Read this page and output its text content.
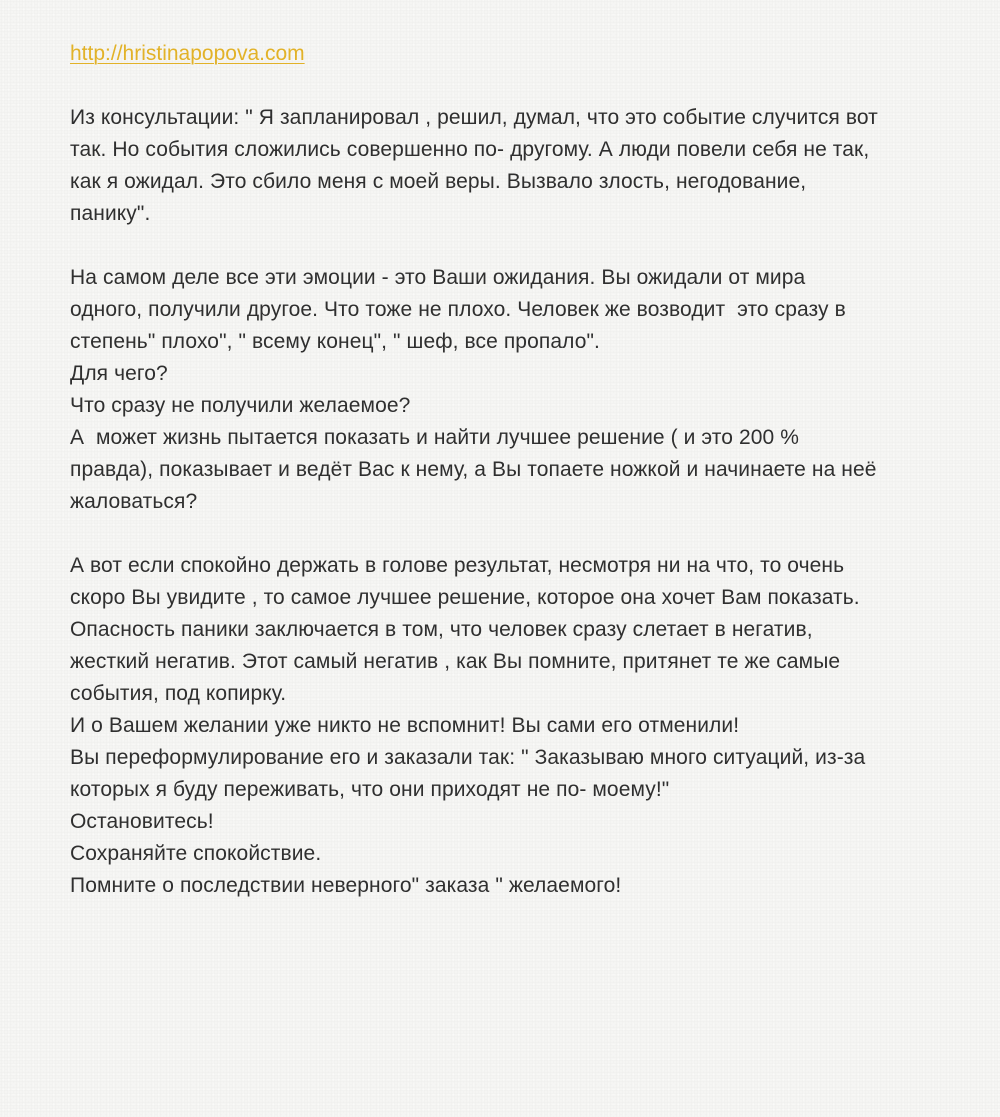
http://hristinapopova.com
Из консультации: " Я запланировал , решил, думал, что это событие случится вот
так. Но события сложились совершенно по- другому. А люди повели себя не так,
как я ожидал. Это сбило меня с моей веры. Вызвало злость, негодование,
панику".
На самом деле все эти эмоции - это Ваши ожидания. Вы ожидали от мира
одного, получили другое. Что тоже не плохо. Человек же возводит  это сразу в
степень" плохо", " всему конец", " шеф, все пропало".
Для чего?
Что сразу не получили желаемое?
А  может жизнь пытается показать и найти лучшее решение ( и это 200 %
правда), показывает и ведёт Вас к нему, а Вы топаете ножкой и начинаете на неё
жаловаться?
А вот если спокойно держать в голове результат, несмотря ни на что, то очень
скоро Вы увидите , то самое лучшее решение, которое она хочет Вам показать.
Опасность паники заключается в том, что человек сразу слетает в негатив,
жесткий негатив. Этот самый негатив , как Вы помните, притянет те же самые
события, под копирку.
И о Вашем желании уже никто не вспомнит! Вы сами его отменили!
Вы переформулирование его и заказали так: " Заказываю много ситуаций, из-за
которых я буду переживать, что они приходят не по- моему!"
Остановитесь!
Сохраняйте спокойствие.
Помните о последствии неверного" заказа " желаемого!
